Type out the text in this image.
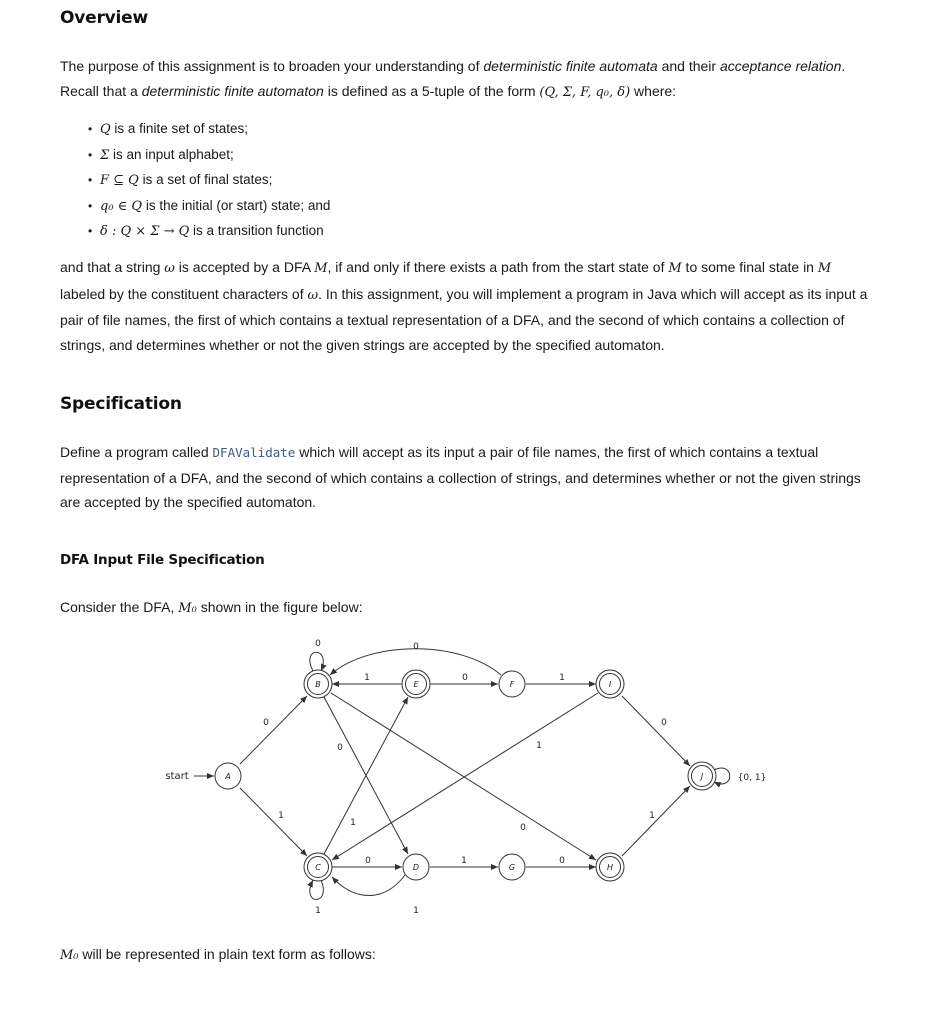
Overview

The purpose of this assignment is to broaden your understanding of deterministic finite automata and their acceptance relation. Recall that a deterministic finite automaton is defined as a 5-tuple of the form (Q, Σ, F, q₀, δ) where:

• Q is a finite set of states;
• Σ is an input alphabet;
• F ⊆ Q is a set of final states;
• q₀ ∈ Q is the initial (or start) state; and
• δ : Q × Σ → Q is a transition function

and that a string ω is accepted by a DFA M, if and only if there exists a path from the start state of M to some final state in M labeled by the constituent characters of ω. In this assignment, you will implement a program in Java which will accept as its input a pair of file names, the first of which contains a textual representation of a DFA, and the second of which contains a collection of strings, and determines whether or not the given strings are accepted by the specified automaton.

Specification

Define a program called DFAValidate which will accept as its input a pair of file names, the first of which contains a textual representation of a DFA, and the second of which contains a collection of strings, and determines whether or not the given strings are accepted by the specified automaton.

DFA Input File Specification

Consider the DFA, M₀ shown in the figure below:

M₀ will be represented in plain text form as follows:

0
1
0
1	0
0
1
0
1
0
0
0
1
1
1	0
1
1
{0, 1}
start	A
B
C	D
E	F
G	H
I
J
